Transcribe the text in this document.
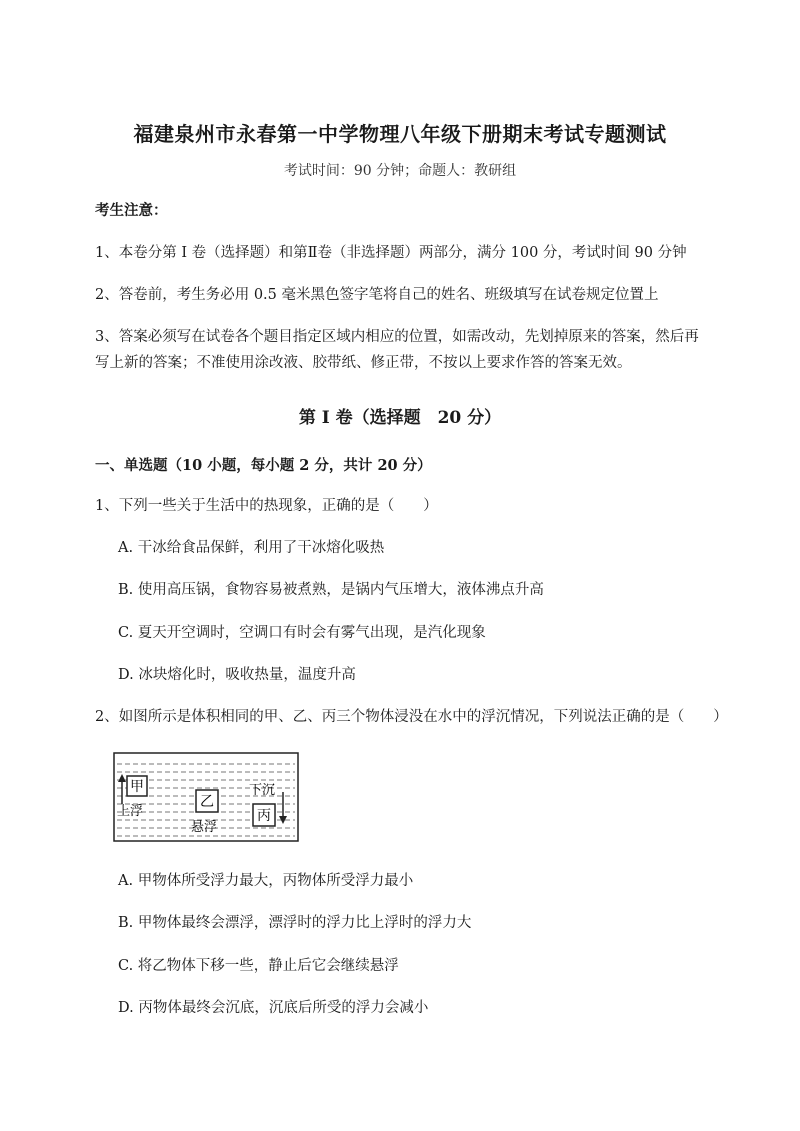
福建泉州市永春第一中学物理八年级下册期末考试专题测试
考试时间：90 分钟；命题人：教研组
考生注意：
1、本卷分第 I 卷（选择题）和第Ⅱ卷（非选择题）两部分，满分 100 分，考试时间 90 分钟
2、答卷前，考生务必用 0.5 毫米黑色签字笔将自己的姓名、班级填写在试卷规定位置上
3、答案必须写在试卷各个题目指定区域内相应的位置，如需改动，先划掉原来的答案，然后再写上新的答案；不准使用涂改液、胶带纸、修正带，不按以上要求作答的答案无效。
第 I 卷（选择题　20 分）
一、单选题（10 小题，每小题 2 分，共计 20 分）
1、下列一些关于生活中的热现象，正确的是（　　）
A. 干冰给食品保鲜，利用了干冰熔化吸热
B. 使用高压锅，食物容易被煮熟，是锅内气压增大，液体沸点升高
C. 夏天开空调时，空调口有时会有雾气出现，是汽化现象
D. 冰块熔化时，吸收热量，温度升高
2、如图所示是体积相同的甲、乙、丙三个物体浸没在水中的浮沉情况，下列说法正确的是（　　）
甲
上浮
乙
悬浮
下沉
丙
A. 甲物体所受浮力最大，丙物体所受浮力最小
B. 甲物体最终会漂浮，漂浮时的浮力比上浮时的浮力大
C. 将乙物体下移一些，静止后它会继续悬浮
D. 丙物体最终会沉底，沉底后所受的浮力会减小
